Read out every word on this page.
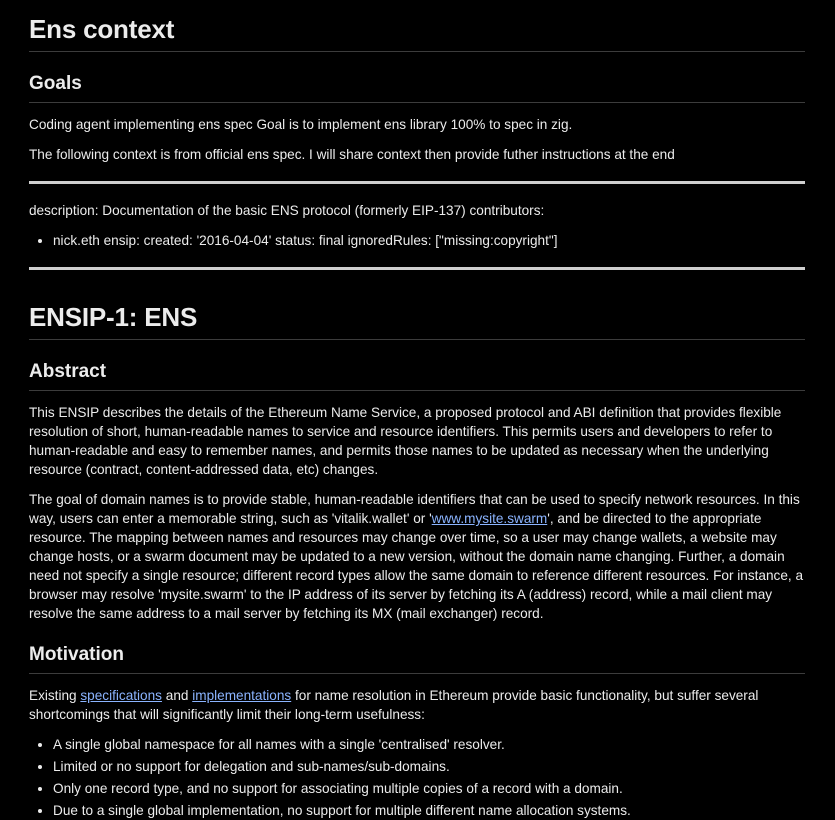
Ens context
Goals

Coding agent implementing ens spec Goal is to implement ens library 100% to spec in zig.

The following context is from official ens spec. I will share context then provide futher instructions at the end

description: Documentation of the basic ENS protocol (formerly EIP-137) contributors:

• nick.eth ensip: created: '2016-04-04' status: final ignoredRules: ["missing:copyright"]
ENSIP-1: ENS
Abstract

This ENSIP describes the details of the Ethereum Name Service, a proposed protocol and ABI definition that provides flexible resolution of short, human-readable names to service and resource identifiers. This permits users and developers to refer to human-readable and easy to remember names, and permits those names to be updated as necessary when the underlying resource (contract, content-addressed data, etc) changes.

The goal of domain names is to provide stable, human-readable identifiers that can be used to specify network resources. In this way, users can enter a memorable string, such as 'vitalik.wallet' or 'www.mysite.swarm', and be directed to the appropriate resource. The mapping between names and resources may change over time, so a user may change wallets, a website may change hosts, or a swarm document may be updated to a new version, without the domain name changing. Further, a domain need not specify a single resource; different record types allow the same domain to reference different resources. For instance, a browser may resolve 'mysite.swarm' to the IP address of its server by fetching its A (address) record, while a mail client may resolve the same address to a mail server by fetching its MX (mail exchanger) record.

Motivation

Existing specifications and implementations for name resolution in Ethereum provide basic functionality, but suffer several shortcomings that will significantly limit their long-term usefulness:

• A single global namespace for all names with a single 'centralised' resolver.
• Limited or no support for delegation and sub-names/sub-domains.
• Only one record type, and no support for associating multiple copies of a record with a domain.
• Due to a single global implementation, no support for multiple different name allocation systems.
